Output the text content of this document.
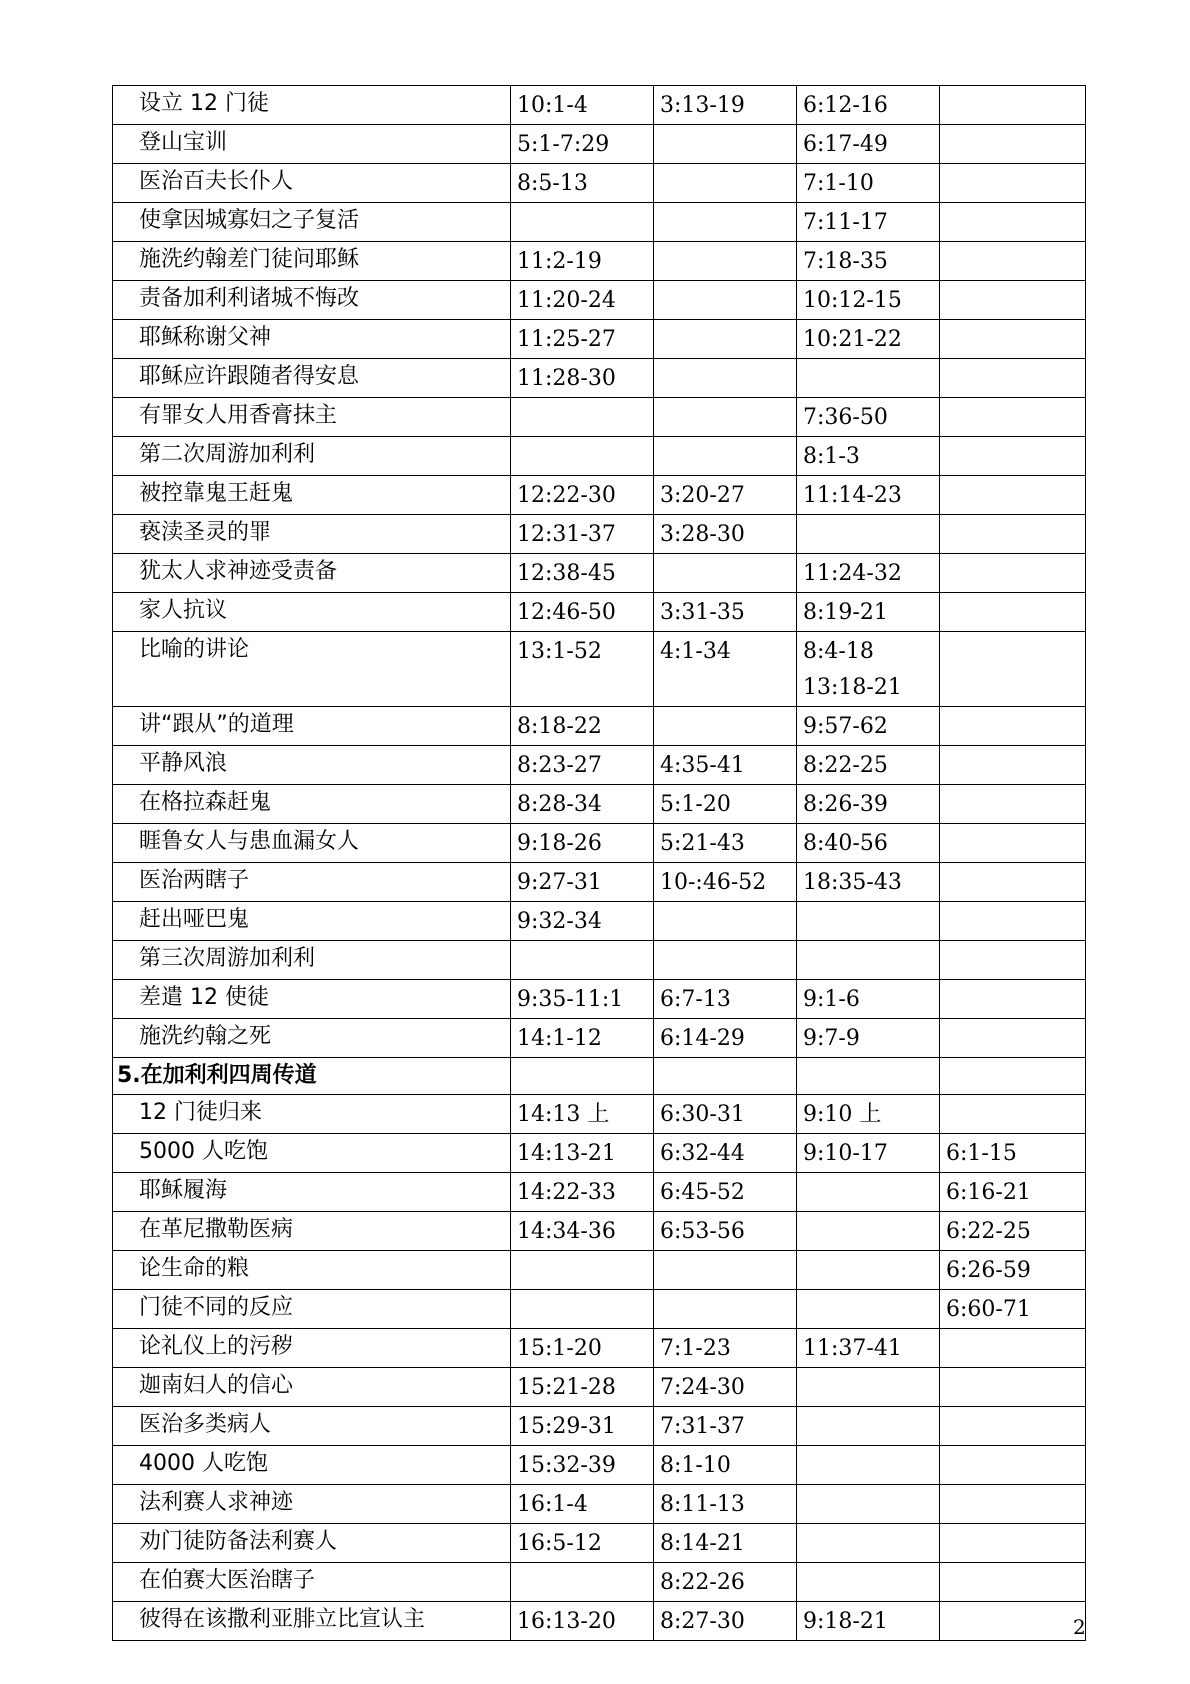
设立 12 门徒	10:1-4	3:13-19	6:12-16	

登山宝训	5:1-7:29		6:17-49	

医治百夫长仆人	8:5-13		7:1-10	

使拿因城寡妇之子复活			7:11-17	

施洗约翰差门徒问耶稣	11:2-19		7:18-35	

责备加利利诸城不悔改	11:20-24		10:12-15	

耶稣称谢父神	11:25-27		10:21-22	

耶稣应许跟随者得安息	11:28-30			

有罪女人用香膏抹主			7:36-50	

第二次周游加利利			8:1-3	

被控靠鬼王赶鬼	12:22-30	3:20-27	11:14-23	

亵渎圣灵的罪	12:31-37	3:28-30		

犹太人求神迹受责备	12:38-45		11:24-32	

家人抗议	12:46-50	3:31-35	8:19-21	

比喻的讲论	13:1-52	4:1-34	8:4-18
13:18-21	

讲“跟从”的道理	8:18-22		9:57-62	

平静风浪	8:23-27	4:35-41	8:22-25	

在格拉森赶鬼	8:28-34	5:1-20	8:26-39	

睚鲁女人与患血漏女人	9:18-26	5:21-43	8:40-56	

医治两瞎子	9:27-31	10-:46-52	18:35-43	

赶出哑巴鬼	9:32-34			

第三次周游加利利	

差遣 12 使徒	9:35-11:1	6:7-13	9:1-6	

施洗约翰之死	14:1-12	6:14-29	9:7-9	

5.在加利利四周传道				
12 门徒归来	14:13 上	6:30-31	9:10 上	

5000 人吃饱	14:13-21	6:32-44	9:10-17	6:1-15

耶稣履海	14:22-33	6:45-52		6:16-21

在革尼撒勒医病	14:34-36	6:53-56		6:22-25

论生命的粮				6:26-59

门徒不同的反应				6:60-71

论礼仪上的污秽	15:1-20	7:1-23	11:37-41	

迦南妇人的信心	15:21-28	7:24-30		

医治多类病人	15:29-31	7:31-37		

4000 人吃饱	15:32-39	8:1-10		

法利赛人求神迹	16:1-4	8:11-13		

劝门徒防备法利赛人	16:5-12	8:14-21		

在伯赛大医治瞎子		8:22-26		

彼得在该撒利亚腓立比宣认主	16:13-20	8:27-30	9:18-21	
		2
